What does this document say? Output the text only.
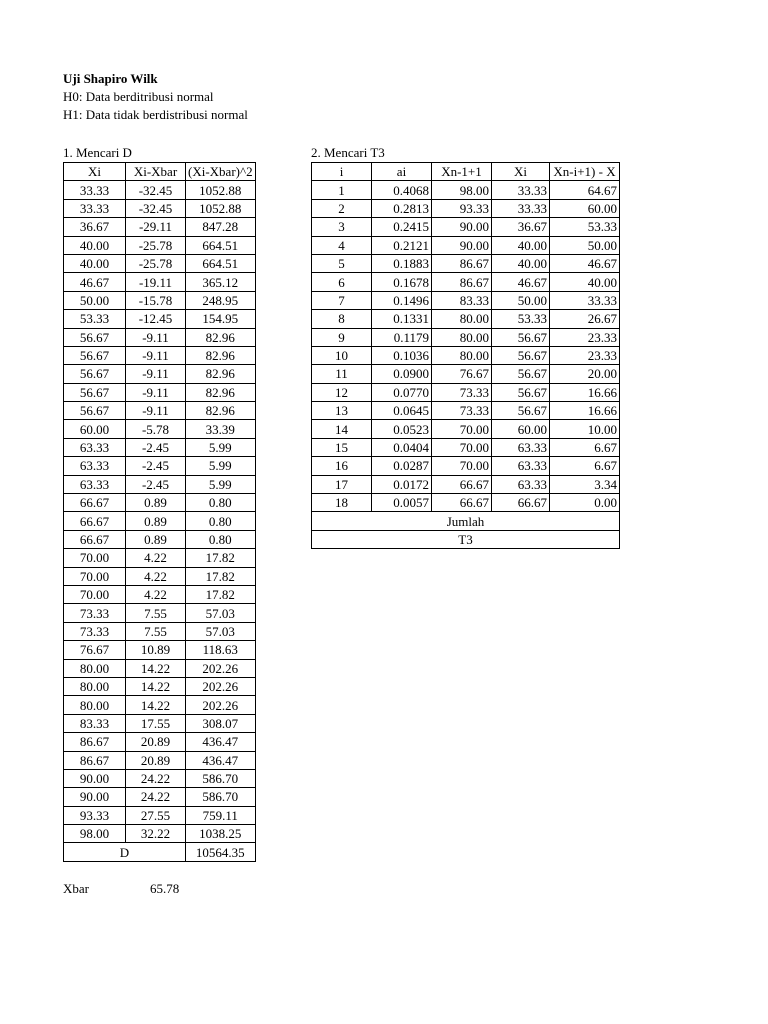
Uji Shapiro Wilk
H0: Data berditribusi normal
H1: Data tidak berdistribusi normal
1. Mencari D	2. Mencari T3
Xi	Xi-Xbar	(Xi-Xbar)^2
33.33	-32.45	1052.88
33.33	-32.45	1052.88
36.67	-29.11	847.28
40.00	-25.78	664.51
40.00	-25.78	664.51
46.67	-19.11	365.12
50.00	-15.78	248.95
53.33	-12.45	154.95
56.67	-9.11	82.96
56.67	-9.11	82.96
56.67	-9.11	82.96
56.67	-9.11	82.96
56.67	-9.11	82.96
60.00	-5.78	33.39
63.33	-2.45	5.99
63.33	-2.45	5.99
63.33	-2.45	5.99
66.67	0.89	0.80
66.67	0.89	0.80
66.67	0.89	0.80
70.00	4.22	17.82
70.00	4.22	17.82
70.00	4.22	17.82
73.33	7.55	57.03
73.33	7.55	57.03
76.67	10.89	118.63
80.00	14.22	202.26
80.00	14.22	202.26
80.00	14.22	202.26
83.33	17.55	308.07
86.67	20.89	436.47
86.67	20.89	436.47
90.00	24.22	586.70
90.00	24.22	586.70
93.33	27.55	759.11
98.00	32.22	1038.25
D		10564.35
i	ai	Xn-1+1	Xi	Xn-i+1) - X
1	0.4068	98.00	33.33	64.67
2	0.2813	93.33	33.33	60.00
3	0.2415	90.00	36.67	53.33
4	0.2121	90.00	40.00	50.00
5	0.1883	86.67	40.00	46.67
6	0.1678	86.67	46.67	40.00
7	0.1496	83.33	50.00	33.33
8	0.1331	80.00	53.33	26.67
9	0.1179	80.00	56.67	23.33
10	0.1036	80.00	56.67	23.33
11	0.0900	76.67	56.67	20.00
12	0.0770	73.33	56.67	16.66
13	0.0645	73.33	56.67	16.66
14	0.0523	70.00	60.00	10.00
15	0.0404	70.00	63.33	6.67
16	0.0287	70.00	63.33	6.67
17	0.0172	66.67	63.33	3.34
18	0.0057	66.67	66.67	0.00
Jumlah				
T3				
Xbar	65.78
